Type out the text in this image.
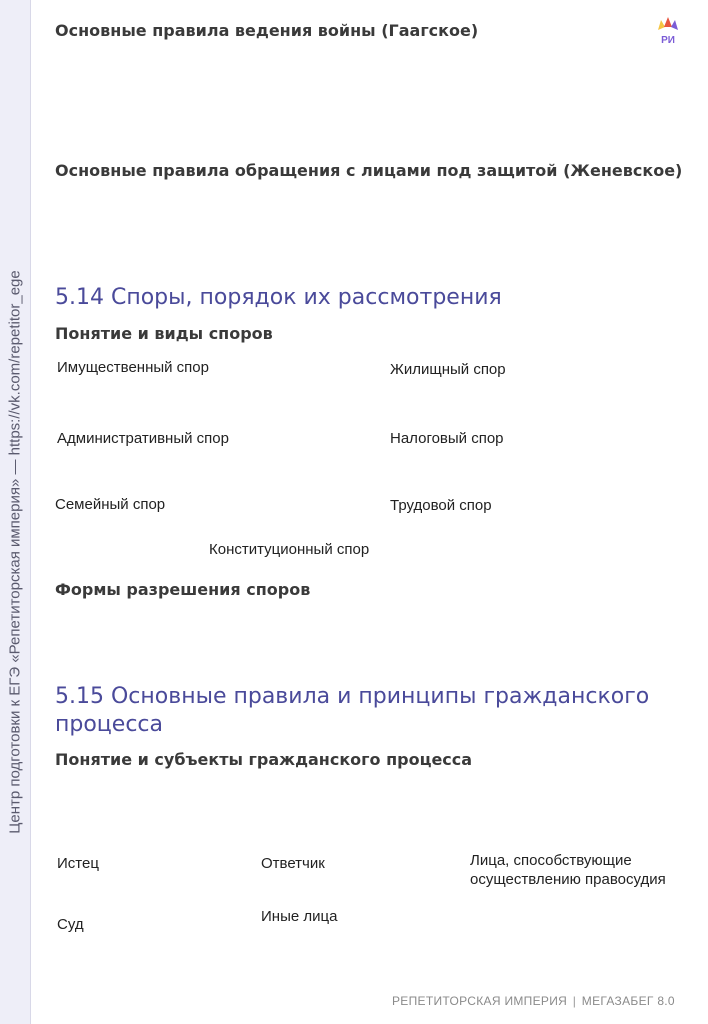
Центр подготовки к ЕГЭ «Репетиторская империя» — https://vk.com/repetitor_ege
РИ
Основные правила ведения войны (Гаагское)
Основные правила обращения с лицами под защитой (Женевское)
5.14 Споры, порядок их рассмотрения
Понятие и виды споров
Имущественный спор	Жилищный спор
Административный спор	Налоговый спор
Семейный спор	Трудовой спор
Конституционный спор
Формы разрешения споров
5.15 Основные правила и принципы гражданского
процесса
Понятие и субъекты гражданского процесса
Истец	Ответчик	Лица, способствующие
осуществлению правосудия
Суд	Иные лица
РЕПЕТИТОРСКАЯ ИМПЕРИЯ | МЕГАЗАБЕГ 8.0
